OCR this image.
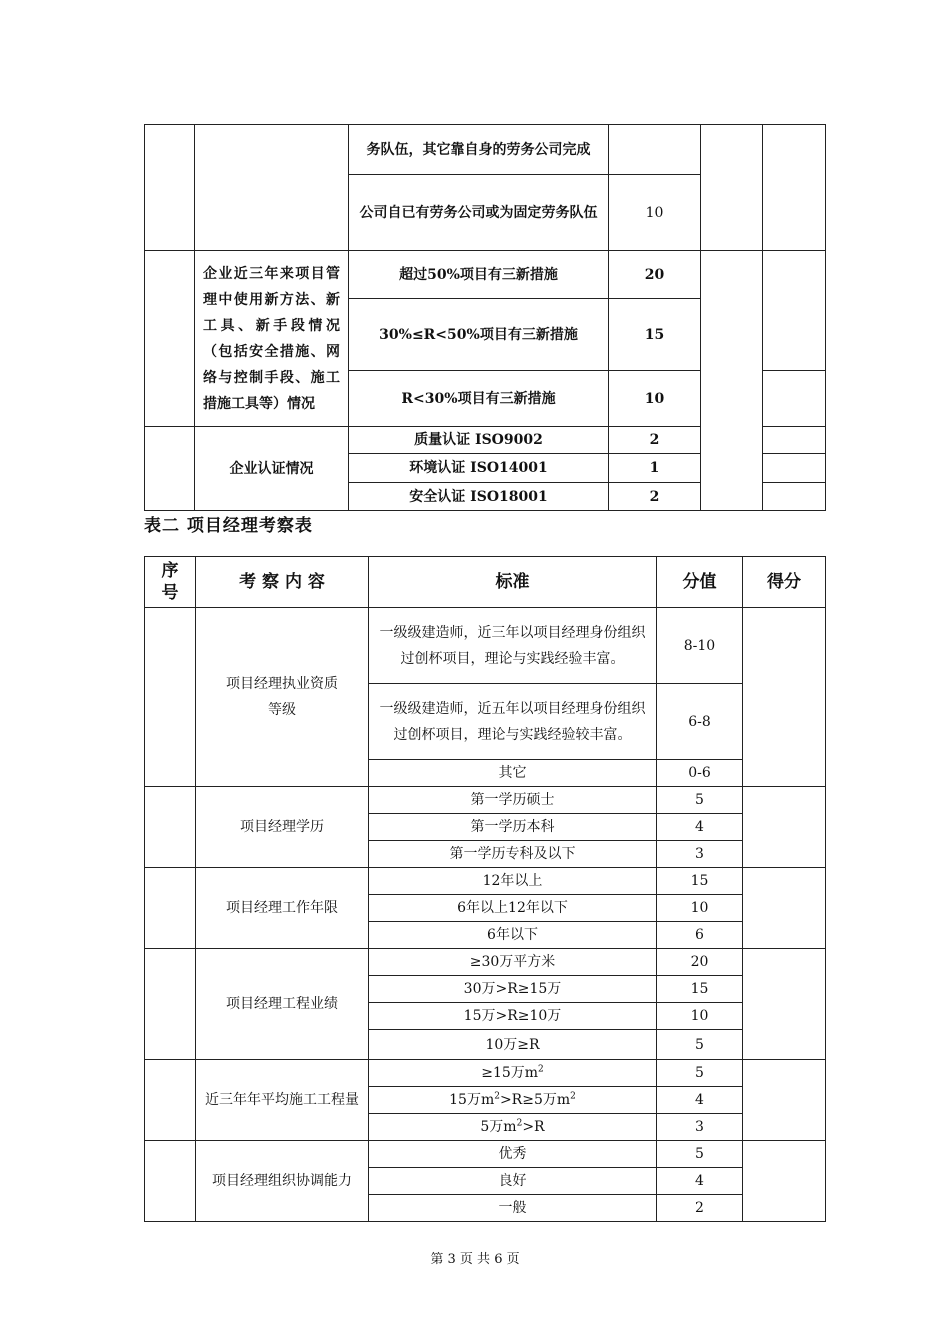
		务队伍，其它靠自身的劳务公司完成			
		公司自已有劳务公司或为固定劳务队伍	10		
	企业近三年来项目管理中使用新方法、新工具、新手段情况（包括安全措施、网络与控制手段、施工措施工具等）情况	超过50%项目有三新措施	20		
		30%≤R<50%项目有三新措施	15		
		R<30%项目有三新措施	10		
	企业认证情况	质量认证 ISO9002	2		
		环境认证 ISO14001	1		
		安全认证 ISO18001	2		
表二 项目经理考察表
序号	考 察 内 容	标准	分值	得分
	项目经理执业资质等级	一级级建造师，近三年以项目经理身份组织过创杯项目，理论与实践经验丰富。	8-10	
		一级级建造师，近五年以项目经理身份组织过创杯项目，理论与实践经验较丰富。	6-8	
		其它	0-6	
	项目经理学历	第一学历硕士	5	
		第一学历本科	4	
		第一学历专科及以下	3	
	项目经理工作年限	12年以上	15	
		6年以上12年以下	10	
		6年以下	6	
	项目经理工程业绩	≥30万平方米	20	
		30万>R≥15万	15	
		15万>R≥10万	10	
		10万≥R	5	
	近三年年平均施工工程量	≥15万$m^2$	5	
		15万$m^2>R\ge 5$万$m^2$	4	
		5万$m^2>R$	3	
	项目经理组织协调能力	优秀	5	
		良好	4	
		一般	2	
第 3 页 共 6 页
